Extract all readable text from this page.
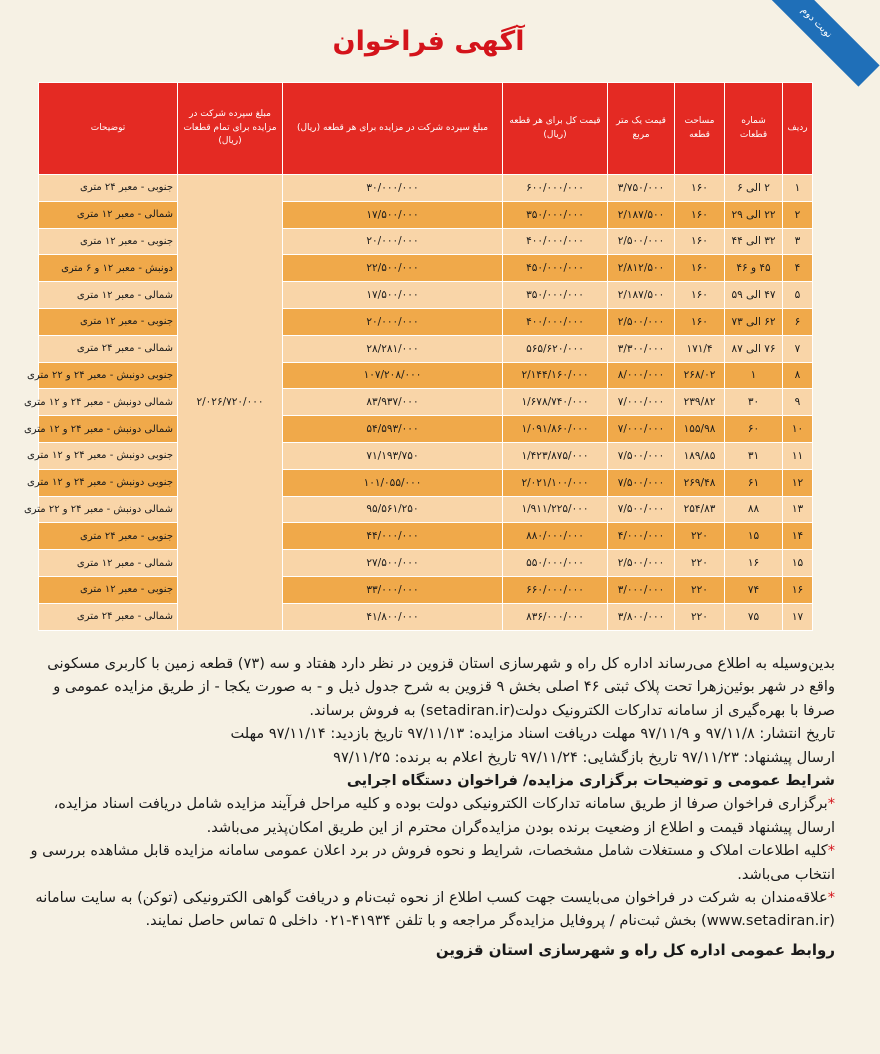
نوبت دوم
آگهی فراخوان
ردیف	شماره قطعات	مساحت قطعه	قیمت یک متر مربع	قیمت کل برای هر قطعه (ریال)	مبلغ سپرده شرکت در مزایده برای هر قطعه (ریال)	مبلغ سپرده شرکت در مزایده برای تمام قطعات (ریال)	توضیحات
۱	۲ الی ۶	۱۶۰	۳/۷۵۰/۰۰۰	۶۰۰/۰۰۰/۰۰۰	۳۰/۰۰۰/۰۰۰	۲/۰۲۶/۷۲۰/۰۰۰	جنوبی - معبر ۲۴ متری
۲	۲۲ الی ۲۹	۱۶۰	۲/۱۸۷/۵۰۰	۳۵۰/۰۰۰/۰۰۰	۱۷/۵۰۰/۰۰۰		شمالی - معبر ۱۲ متری
۳	۳۲ الی ۴۴	۱۶۰	۲/۵۰۰/۰۰۰	۴۰۰/۰۰۰/۰۰۰	۲۰/۰۰۰/۰۰۰		جنوبی - معبر ۱۲ متری
۴	۴۵ و ۴۶	۱۶۰	۲/۸۱۲/۵۰۰	۴۵۰/۰۰۰/۰۰۰	۲۲/۵۰۰/۰۰۰		دونبش - معبر ۱۲ و ۶ متری
۵	۴۷ الی ۵۹	۱۶۰	۲/۱۸۷/۵۰۰	۳۵۰/۰۰۰/۰۰۰	۱۷/۵۰۰/۰۰۰		شمالی - معبر ۱۲ متری
۶	۶۲ الی ۷۳	۱۶۰	۲/۵۰۰/۰۰۰	۴۰۰/۰۰۰/۰۰۰	۲۰/۰۰۰/۰۰۰		جنوبی - معبر ۱۲ متری
۷	۷۶ الی ۸۷	۱۷۱/۴	۳/۳۰۰/۰۰۰	۵۶۵/۶۲۰/۰۰۰	۲۸/۲۸۱/۰۰۰		شمالی - معبر ۲۴ متری
۸	۱	۲۶۸/۰۲	۸/۰۰۰/۰۰۰	۲/۱۴۴/۱۶۰/۰۰۰	۱۰۷/۲۰۸/۰۰۰		جنوبی دونبش - معبر ۲۴ و ۲۲ متری
۹	۳۰	۲۳۹/۸۲	۷/۰۰۰/۰۰۰	۱/۶۷۸/۷۴۰/۰۰۰	۸۳/۹۳۷/۰۰۰		شمالی دونبش - معبر ۲۴ و ۱۲ متری
۱۰	۶۰	۱۵۵/۹۸	۷/۰۰۰/۰۰۰	۱/۰۹۱/۸۶۰/۰۰۰	۵۴/۵۹۳/۰۰۰		شمالی دونبش - معبر ۲۴ و ۱۲ متری
۱۱	۳۱	۱۸۹/۸۵	۷/۵۰۰/۰۰۰	۱/۴۲۳/۸۷۵/۰۰۰	۷۱/۱۹۳/۷۵۰		جنوبی دونبش - معبر ۲۴ و ۱۲ متری
۱۲	۶۱	۲۶۹/۴۸	۷/۵۰۰/۰۰۰	۲/۰۲۱/۱۰۰/۰۰۰	۱۰۱/۰۵۵/۰۰۰		جنوبی دونبش - معبر ۲۴ و ۱۲ متری
۱۳	۸۸	۲۵۴/۸۳	۷/۵۰۰/۰۰۰	۱/۹۱۱/۲۲۵/۰۰۰	۹۵/۵۶۱/۲۵۰		شمالی دونبش - معبر ۲۴ و ۲۲ متری
۱۴	۱۵	۲۲۰	۴/۰۰۰/۰۰۰	۸۸۰/۰۰۰/۰۰۰	۴۴/۰۰۰/۰۰۰		جنوبی - معبر ۲۴ متری
۱۵	۱۶	۲۲۰	۲/۵۰۰/۰۰۰	۵۵۰/۰۰۰/۰۰۰	۲۷/۵۰۰/۰۰۰		شمالی - معبر ۱۲ متری
۱۶	۷۴	۲۲۰	۳/۰۰۰/۰۰۰	۶۶۰/۰۰۰/۰۰۰	۳۳/۰۰۰/۰۰۰		جنوبی - معبر ۱۲ متری
۱۷	۷۵	۲۲۰	۳/۸۰۰/۰۰۰	۸۳۶/۰۰۰/۰۰۰	۴۱/۸۰۰/۰۰۰		شمالی - معبر ۲۴ متری

بدین‌وسیله به اطلاع می‌رساند اداره کل راه و شهرسازی استان قزوین در نظر دارد هفتاد و سه (۷۳) قطعه زمین با کاربری مسکونی واقع در شهر بوئین‌زهرا تحت پلاک ثبتی ۴۶ اصلی بخش ۹ قزوین به شرح جدول ذیل و - به صورت یکجا - از طریق مزایده عمومی و صرفا با بهره‌گیری از سامانه تدارکات الکترونیک دولت(setadiran.ir) به فروش برساند.

تاریخ انتشار: ۹۷/۱۱/۸ و ۹۷/۱۱/۹ مهلت دریافت اسناد مزایده: ۹۷/۱۱/۱۳ تاریخ بازدید: ۹۷/۱۱/۱۴ مهلت

ارسال پیشنهاد: ۹۷/۱۱/۲۳ تاریخ بازگشایی: ۹۷/۱۱/۲۴ تاریخ اعلام به برنده: ۹۷/۱۱/۲۵

شرایط عمومی و توضیحات برگزاری مزایده/ فراخوان دستگاه اجرایی

*برگزاری فراخوان صرفا از طریق سامانه تدارکات الکترونیکی دولت بوده و کلیه مراحل فرآیند مزایده شامل دریافت اسناد مزایده، ارسال پیشنهاد قیمت و اطلاع از وضعیت برنده بودن مزایده‌گران محترم از این طریق امکان‌پذیر می‌باشد.

*کلیه اطلاعات املاک و مستغلات شامل مشخصات، شرایط و نحوه فروش در برد اعلان عمومی سامانه مزایده قابل مشاهده بررسی و انتخاب می‌باشد.

*علاقه‌مندان به شرکت در فراخوان می‌بایست جهت کسب اطلاع از نحوه ثبت‌نام و دریافت گواهی الکترونیکی (توکن) به سایت سامانه (www.setadiran.ir) بخش ثبت‌نام / پروفایل مزایده‌گر مراجعه و با تلفن ۴۱۹۳۴-۰۲۱ داخلی ۵ تماس حاصل نمایند.

روابط عمومی اداره کل راه و شهرسازی استان قزوین
